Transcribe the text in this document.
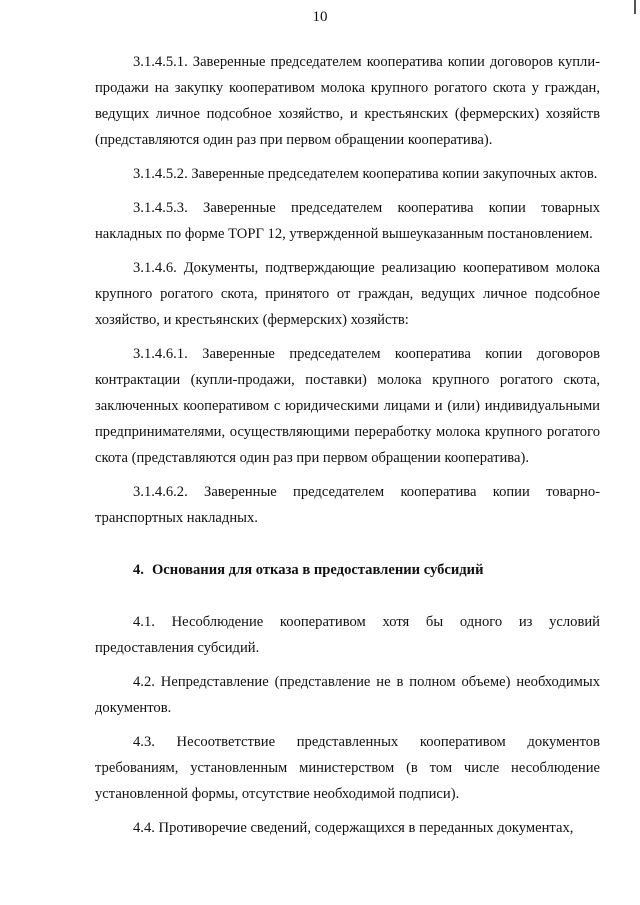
10

3.1.4.5.1. Заверенные председателем кооператива копии договоров купли-продажи на закупку кооперативом молока крупного рогатого скота у граждан, ведущих личное подсобное хозяйство, и крестьянских (фермерских) хозяйств (представляются один раз при первом обращении кооператива).

3.1.4.5.2. Заверенные председателем кооператива копии закупочных актов.

3.1.4.5.3. Заверенные председателем кооператива копии товарных накладных по форме ТОРГ 12, утвержденной вышеуказанным постановлением.

3.1.4.6. Документы, подтверждающие реализацию кооперативом молока крупного рогатого скота, принятого от граждан, ведущих личное подсобное хозяйство, и крестьянских (фермерских) хозяйств:

3.1.4.6.1. Заверенные председателем кооператива копии договоров контрактации (купли-продажи, поставки) молока крупного рогатого скота, заключенных кооперативом с юридическими лицами и (или) индивидуальными предпринимателями, осуществляющими переработку молока крупного рогатого скота (представляются один раз при первом обращении кооператива).

3.1.4.6.2. Заверенные председателем кооператива копии товарно-транспортных накладных.

4. Основания для отказа в предоставлении субсидий

4.1. Несоблюдение кооперативом хотя бы одного из условий предоставления субсидий.

4.2. Непредставление (представление не в полном объеме) необходимых документов.

4.3. Несоответствие представленных кооперативом документов требованиям, установленным министерством (в том числе несоблюдение установленной формы, отсутствие необходимой подписи).

4.4. Противоречие сведений, содержащихся в переданных документах,
